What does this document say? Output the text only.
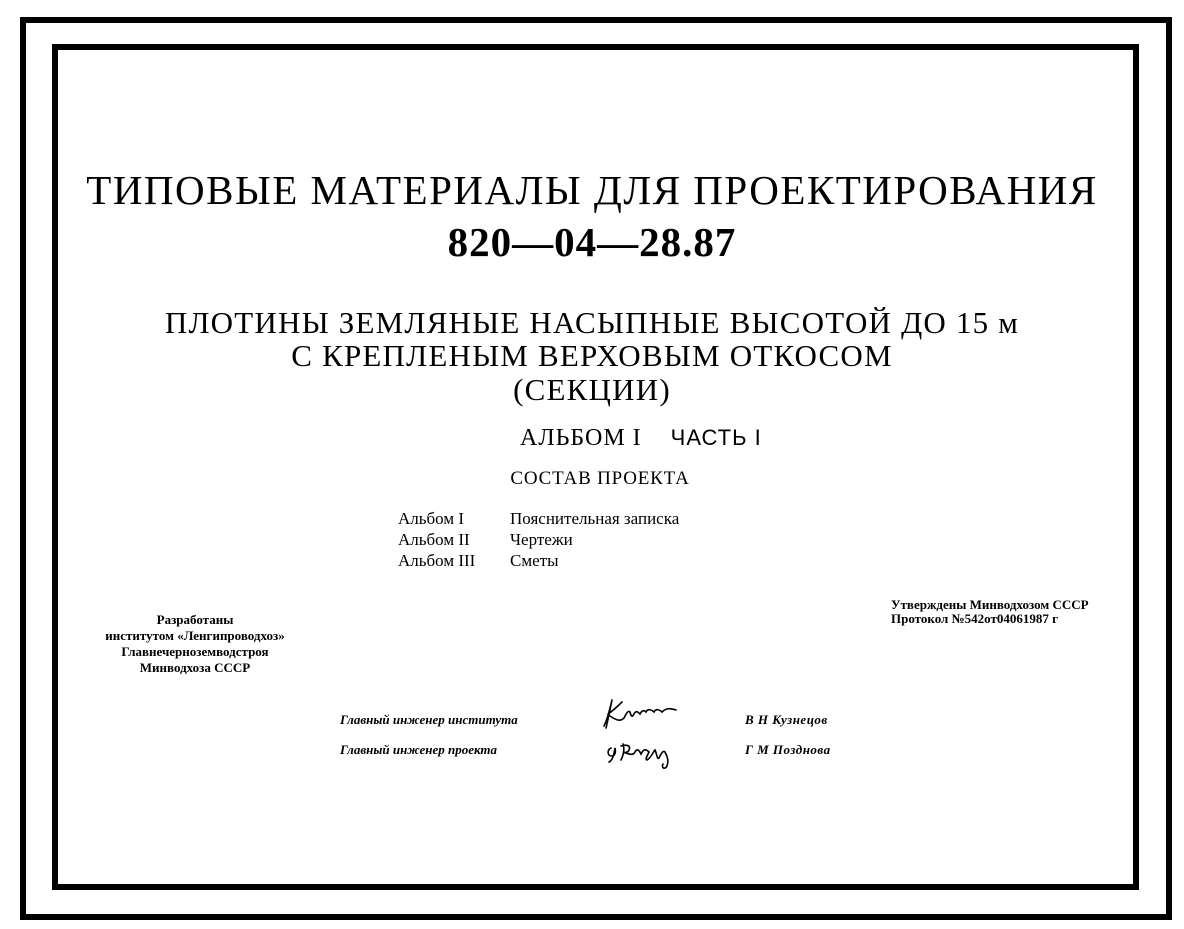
ТИПОВЫЕ МАТЕРИАЛЫ ДЛЯ ПРОЕКТИРОВАНИЯ
820—04—28.87
ПЛОТИНЫ ЗЕМЛЯНЫЕ НАСЫПНЫЕ ВЫСОТОЙ ДО 15 м
С КРЕПЛЕНЫМ ВЕРХОВЫМ ОТКОСОМ
(СЕКЦИИ)
АЛЬБОМ I ЧАСТЬ I
СОСТАВ ПРОЕКТА
Альбом I	Пояснительная записка
Альбом II	Чертежи
Альбом III	Сметы
Разработаны
институтом «Ленгипроводхоз»
Главнечерноземводстроя
Минводхоза СССР
Утверждены Минводхозом СССР
Протокол №542от04061987 г
Главный инженер института
Главный инженер проекта
В Н Кузнецов
Г М Позднова
